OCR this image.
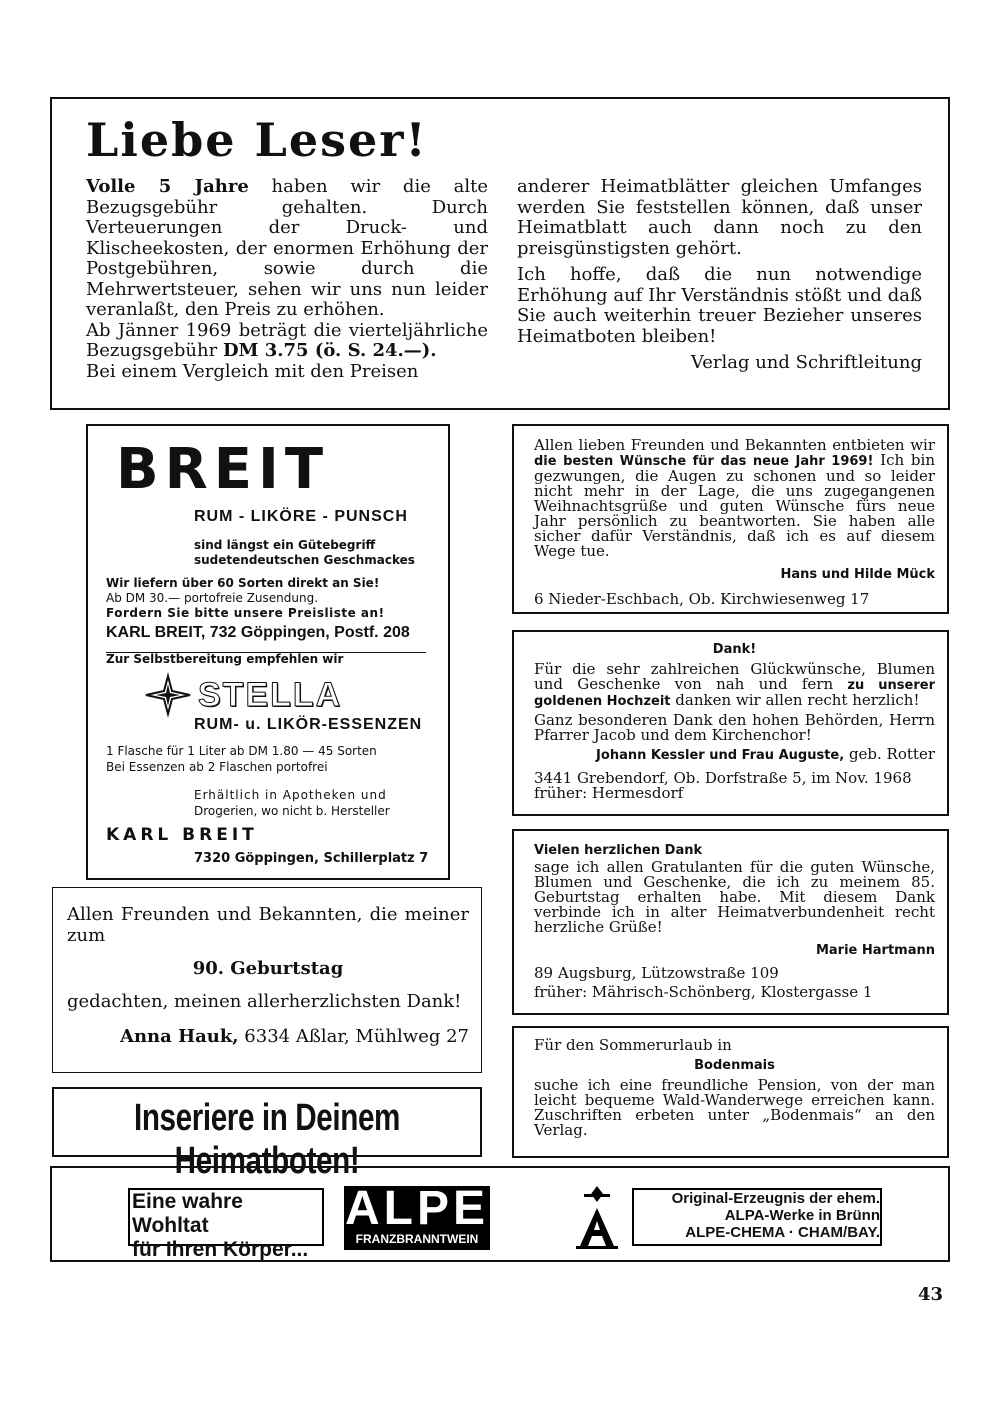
Liebe Leser!

Volle 5 Jahre haben wir die alte Bezugsgebühr gehalten. Durch Verteuerungen der Druck- und Klischeekosten, der enormen Erhöhung der Postgebühren, sowie durch die Mehrwertsteuer, sehen wir uns nun leider veranlaßt, den Preis zu erhöhen.

Ab Jänner 1969 beträgt die vierteljährliche Bezugsgebühr DM 3.75 (ö. S. 24.—).

Bei einem Vergleich mit den Preisen

anderer Heimatblätter gleichen Umfanges werden Sie feststellen können, daß unser Heimatblatt auch dann noch zu den preisgünstigsten gehört.

Ich hoffe, daß die nun notwendige Erhöhung auf Ihr Verständnis stößt und daß Sie auch weiterhin treuer Bezieher unseres Heimatboten bleiben!

Verlag und Schriftleitung

BREIT
RUM - LIKÖRE - PUNSCH
sind längst ein Gütebegriff
sudetendeutschen Geschmackes
Wir liefern über 60 Sorten direkt an Sie!
Ab DM 30.— portofreie Zusendung.
Fordern Sie bitte unsere Preisliste an!
KARL BREIT, 732 Göppingen, Postf. 208
Zur Selbstbereitung empfehlen wir
STELLA
RUM- u. LIKÖR-ESSENZEN
1 Flasche für 1 Liter ab DM 1.80 — 45 Sorten
Bei Essenzen ab 2 Flaschen portofrei
Erhältlich in Apotheken und
Drogerien, wo nicht b. Hersteller
KARL BREIT
7320 Göppingen, Schillerplatz 7

Allen Freunden und Bekannten, die meiner zum

90. Geburtstag

gedachten, meinen allerherzlichsten Dank!

Anna Hauk, 6334 Aßlar, Mühlweg 27

Inseriere in Deinem Heimatboten!

Allen lieben Freunden und Bekannten entbieten wir die besten Wünsche für das neue Jahr 1969! Ich bin gezwungen, die Augen zu schonen und so leider nicht mehr in der Lage, die uns zugegangenen Weihnachtsgrüße und guten Wünsche fürs neue Jahr persönlich zu beantworten. Sie haben alle sicher dafür Verständnis, daß ich es auf diesem Wege tue.

Hans und Hilde Mück

6 Nieder-Eschbach, Ob. Kirchwiesenweg 17

Dank!

Für die sehr zahlreichen Glückwünsche, Blumen und Geschenke von nah und fern zu unserer goldenen Hochzeit danken wir allen recht herzlich!

Ganz besonderen Dank den hohen Behörden, Herrn Pfarrer Jacob und dem Kirchenchor!

Johann Kessler und Frau Auguste, geb. Rotter

3441 Grebendorf, Ob. Dorfstraße 5, im Nov. 1968

früher: Hermesdorf

Vielen herzlichen Dank

sage ich allen Gratulanten für die guten Wünsche, Blumen und Geschenke, die ich zu meinem 85. Geburtstag erhalten habe. Mit diesem Dank verbinde ich in alter Heimatverbundenheit recht herzliche Grüße!

Marie Hartmann

89 Augsburg, Lützowstraße 109

früher: Mährisch-Schönberg, Klostergasse 1

Für den Sommerurlaub in

Bodenmais

suche ich eine freundliche Pension, von der man leicht bequeme Wald-Wanderwege erreichen kann. Zuschriften erbeten unter „Bodenmais“ an den Verlag.

Eine wahre Wohltat
für Ihren Körper...
ALPE
FRANZBRANNTWEIN
Original-Erzeugnis der ehem.
ALPA-Werke in Brünn
ALPE-CHEMA · CHAM/BAY.
43
